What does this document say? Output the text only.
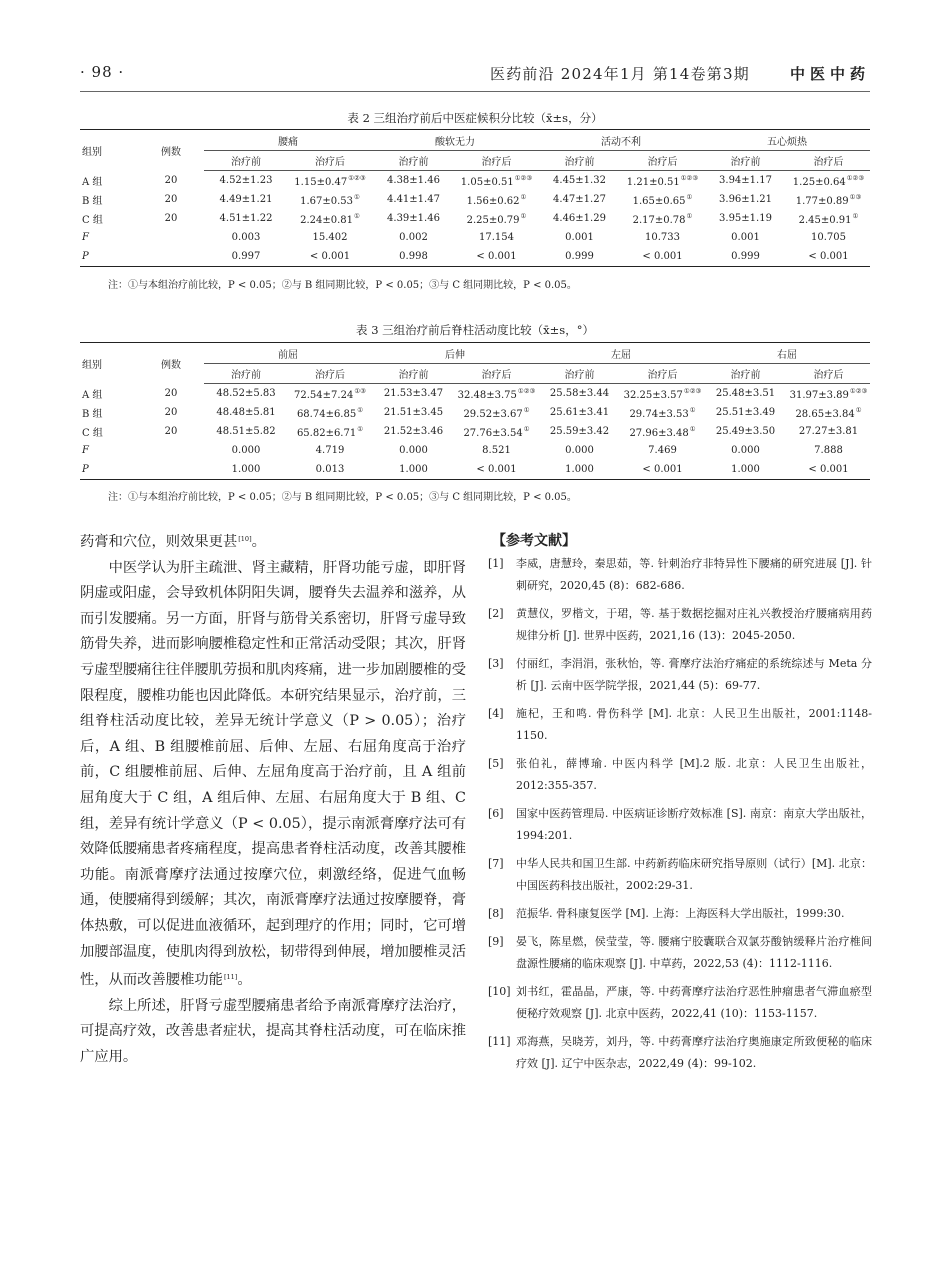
· 98 ·	医药前沿 2024年1月 第14卷第3期	中医中药
表 2 三组治疗前后中医症候积分比较（x̄±s，分）
组别	例数	腰痛		酸软无力		活动不利		五心烦热	
		治疗前	治疗后	治疗前	治疗后	治疗前	治疗后	治疗前	治疗后
A 组	20	4.52±1.23	1.15±0.47①②③	4.38±1.46	1.05±0.51①②③	4.45±1.32	1.21±0.51①②③	3.94±1.17	1.25±0.64①②③
B 组	20	4.49±1.21	1.67±0.53①	4.41±1.47	1.56±0.62①	4.47±1.27	1.65±0.65①	3.96±1.21	1.77±0.89①③
C 组	20	4.51±1.22	2.24±0.81①	4.39±1.46	2.25±0.79①	4.46±1.29	2.17±0.78①	3.95±1.19	2.45±0.91①
F		0.003	15.402	0.002	17.154	0.001	10.733	0.001	10.705
P		0.997	< 0.001	0.998	< 0.001	0.999	< 0.001	0.999	< 0.001
注：①与本组治疗前比较，P < 0.05；②与 B 组同期比较，P < 0.05；③与 C 组同期比较，P < 0.05。
表 3 三组治疗前后脊柱活动度比较（x̄±s，°）
组别	例数	前屈		后伸		左屈		右屈	
		治疗前	治疗后	治疗前	治疗后	治疗前	治疗后	治疗前	治疗后
A 组	20	48.52±5.83	72.54±7.24①③	21.53±3.47	32.48±3.75①②③	25.58±3.44	32.25±3.57①②③	25.48±3.51	31.97±3.89①②③
B 组	20	48.48±5.81	68.74±6.85①	21.51±3.45	29.52±3.67①	25.61±3.41	29.74±3.53①	25.51±3.49	28.65±3.84①
C 组	20	48.51±5.82	65.82±6.71①	21.52±3.46	27.76±3.54①	25.59±3.42	27.96±3.48①	25.49±3.50	27.27±3.81
F		0.000	4.719	0.000	8.521	0.000	7.469	0.000	7.888
P		1.000	0.013	1.000	< 0.001	1.000	< 0.001	1.000	< 0.001
注：①与本组治疗前比较，P < 0.05；②与 B 组同期比较，P < 0.05；③与 C 组同期比较，P < 0.05。

药膏和穴位，则效果更甚[10]。

中医学认为肝主疏泄、肾主藏精，肝肾功能亏虚，即肝肾阴虚或阳虚，会导致机体阴阳失调，腰脊失去温养和滋养，从而引发腰痛。另一方面，肝肾与筋骨关系密切，肝肾亏虚导致筋骨失养，进而影响腰椎稳定性和正常活动受限；其次，肝肾亏虚型腰痛往往伴腰肌劳损和肌肉疼痛，进一步加剧腰椎的受限程度，腰椎功能也因此降低。本研究结果显示，治疗前，三组脊柱活动度比较，差异无统计学意义（P > 0.05）；治疗后，A 组、B 组腰椎前屈、后伸、左屈、右屈角度高于治疗前，C 组腰椎前屈、后伸、左屈角度高于治疗前，且 A 组前屈角度大于 C 组，A 组后伸、左屈、右屈角度大于 B 组、C 组，差异有统计学意义（P < 0.05），提示南派膏摩疗法可有效降低腰痛患者疼痛程度，提高患者脊柱活动度，改善其腰椎功能。南派膏摩疗法通过按摩穴位，刺激经络，促进气血畅通，使腰痛得到缓解；其次，南派膏摩疗法通过按摩腰脊，膏体热敷，可以促进血液循环，起到理疗的作用；同时，它可增加腰部温度，使肌肉得到放松，韧带得到伸展，增加腰椎灵活性，从而改善腰椎功能[11]。

综上所述，肝肾亏虚型腰痛患者给予南派膏摩疗法治疗，可提高疗效，改善患者症状，提高其脊柱活动度，可在临床推广应用。

【参考文献】
[1] 李威，唐慧玲，秦思茹，等. 针刺治疗非特异性下腰痛的研究进展 [J]. 针刺研究，2020,45 (8)：682-686.
[2] 黄慧仪，罗楷文，于珺，等. 基于数据挖掘对庄礼兴教授治疗腰痛病用药规律分析 [J]. 世界中医药，2021,16 (13)：2045-2050.
[3] 付丽红，李涓涓，张秋怡，等. 膏摩疗法治疗痛症的系统综述与 Meta 分析 [J]. 云南中医学院学报，2021,44 (5)：69-77.
[4] 施杞，王和鸣. 骨伤科学 [M]. 北京：人民卫生出版社，2001:1148-1150.
[5] 张伯礼，薛博瑜. 中医内科学 [M].2 版. 北京：人民卫生出版社，2012:355-357.
[6] 国家中医药管理局. 中医病证诊断疗效标准 [S]. 南京：南京大学出版社，1994:201.
[7] 中华人民共和国卫生部. 中药新药临床研究指导原则（试行）[M]. 北京：中国医药科技出版社，2002:29-31.
[8] 范振华. 骨科康复医学 [M]. 上海：上海医科大学出版社，1999:30.
[9] 晏飞，陈星燃，侯莹莹，等. 腰痛宁胶囊联合双氯芬酸钠缓释片治疗椎间盘源性腰痛的临床观察 [J]. 中草药，2022,53 (4)：1112-1116.
[10] 刘书红，霍晶晶，严康，等. 中药膏摩疗法治疗恶性肿瘤患者气滞血瘀型便秘疗效观察 [J]. 北京中医药，2022,41 (10)：1153-1157.
[11] 邓海燕，吴晓芳，刘丹，等. 中药膏摩疗法治疗奥施康定所致便秘的临床疗效 [J]. 辽宁中医杂志，2022,49 (4)：99-102.
